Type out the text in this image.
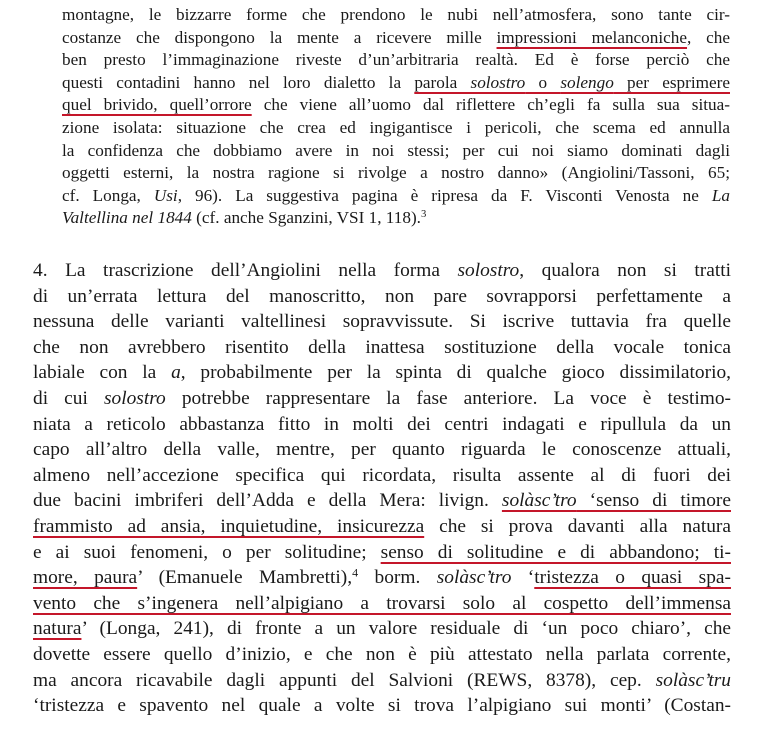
montagne, le bizzarre forme che prendono le nubi nell’atmosfera, sono tante cir-
costanze che dispongono la mente a ricevere mille impressioni melanconiche, che
ben presto l’immaginazione riveste d’un’arbitraria realtà. Ed è forse perciò che
questi contadini hanno nel loro dialetto la parola solostro o solengo per esprimere
quel brivido, quell’orrore che viene all’uomo dal riflettere ch’egli fa sulla sua situa-
zione isolata: situazione che crea ed ingigantisce i pericoli, che scema ed annulla
la confidenza che dobbiamo avere in noi stessi; per cui noi siamo dominati dagli
oggetti esterni, la nostra ragione si rivolge a nostro danno» (Angiolini/Tassoni, 65;
cf. Longa, Usi, 96). La suggestiva pagina è ripresa da F. Visconti Venosta ne La
Valtellina nel 1844 (cf. anche Sganzini, VSI 1, 118).$^3$
4. La trascrizione dell’Angiolini nella forma solostro, qualora non si tratti
di un’errata lettura del manoscritto, non pare sovrapporsi perfettamente a
nessuna delle varianti valtellinesi sopravvissute. Si iscrive tuttavia fra quelle
che non avrebbero risentito della inattesa sostituzione della vocale tonica
labiale con la a, probabilmente per la spinta di qualche gioco dissimilatorio,
di cui solostro potrebbe rappresentare la fase anteriore. La voce è testimo-
niata a reticolo abbastanza fitto in molti dei centri indagati e ripullula da un
capo all’altro della valle, mentre, per quanto riguarda le conoscenze attuali,
almeno nell’accezione specifica qui ricordata, risulta assente al di fuori dei
due bacini imbriferi dell’Adda e della Mera: livign. solàsc’tro ‘senso di timore
frammisto ad ansia, inquietudine, insicurezza che si prova davanti alla natura
e ai suoi fenomeni, o per solitudine; senso di solitudine e di abbandono; ti-
more, paura’ (Emanuele Mambretti),$^4$ borm. solàsc’tro ‘tristezza o quasi spa-
vento che s’ingenera nell’alpigiano a trovarsi solo al cospetto dell’immensa
natura’ (Longa, 241), di fronte a un valore residuale di ‘un poco chiaro’, che
dovette essere quello d’inizio, e che non è più attestato nella parlata corrente,
ma ancora ricavabile dagli appunti del Salvioni (REWS, 8378), cep. solàsc’tru
‘tristezza e spavento nel quale a volte si trova l’alpigiano sui monti’ (Costan-
